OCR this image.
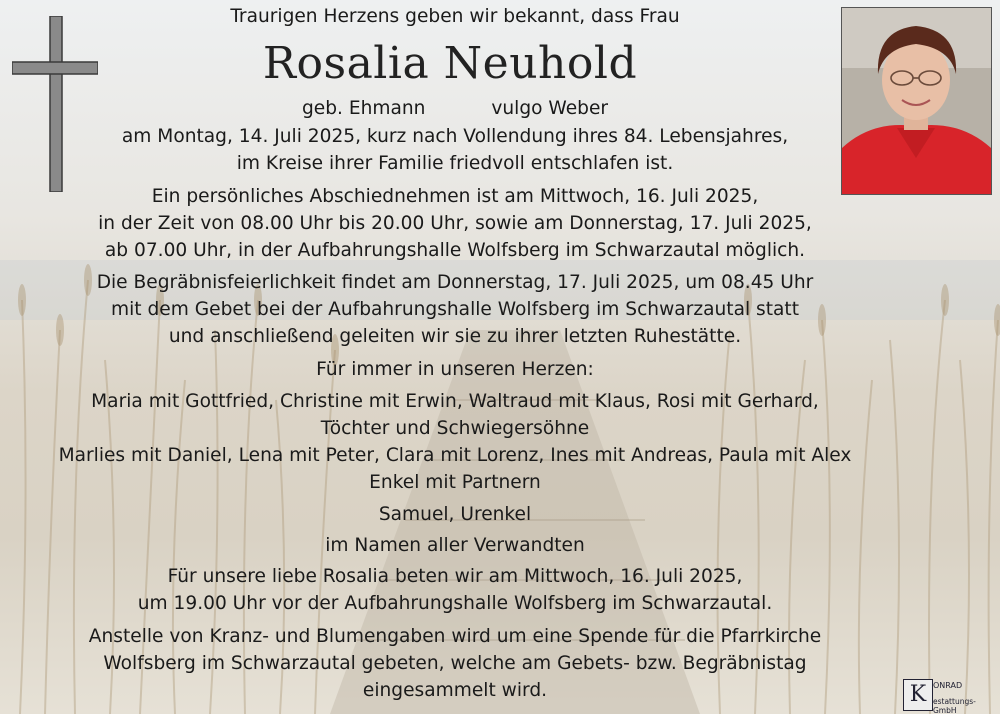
Traurigen Herzens geben wir bekannt, dass Frau
geb. Ehmann	vulgo Weber
am Montag, 14. Juli 2025, kurz nach Vollendung ihres 84. Lebensjahres,
im Kreise ihrer Familie friedvoll entschlafen ist.
Ein persönliches Abschiednehmen ist am Mittwoch, 16. Juli 2025,
in der Zeit von 08.00 Uhr bis 20.00 Uhr, sowie am Donnerstag, 17. Juli 2025,
ab 07.00 Uhr, in der Aufbahrungshalle Wolfsberg im Schwarzautal möglich.
Die Begräbnisfeierlichkeit findet am Donnerstag, 17. Juli 2025, um 08.45 Uhr
mit dem Gebet bei der Aufbahrungshalle Wolfsberg im Schwarzautal statt
und anschließend geleiten wir sie zu ihrer letzten Ruhestätte.
Für immer in unseren Herzen:
Maria mit Gottfried, Christine mit Erwin, Waltraud mit Klaus, Rosi mit Gerhard,
Töchter und Schwiegersöhne
Marlies mit Daniel, Lena mit Peter, Clara mit Lorenz, Ines mit Andreas, Paula mit Alex
Enkel mit Partnern
Samuel, Urenkel
im Namen aller Verwandten
Für unsere liebe Rosalia beten wir am Mittwoch, 16. Juli 2025,
um 19.00 Uhr vor der Aufbahrungshalle Wolfsberg im Schwarzautal.
Anstelle von Kranz- und Blumengaben wird um eine Spende für die Pfarrkirche
Wolfsberg im Schwarzautal gebeten, welche am Gebets- bzw. Begräbnistag
eingesammelt wird.
Rosalia Neuhold
K ONRAD
estattungs-GmbH
